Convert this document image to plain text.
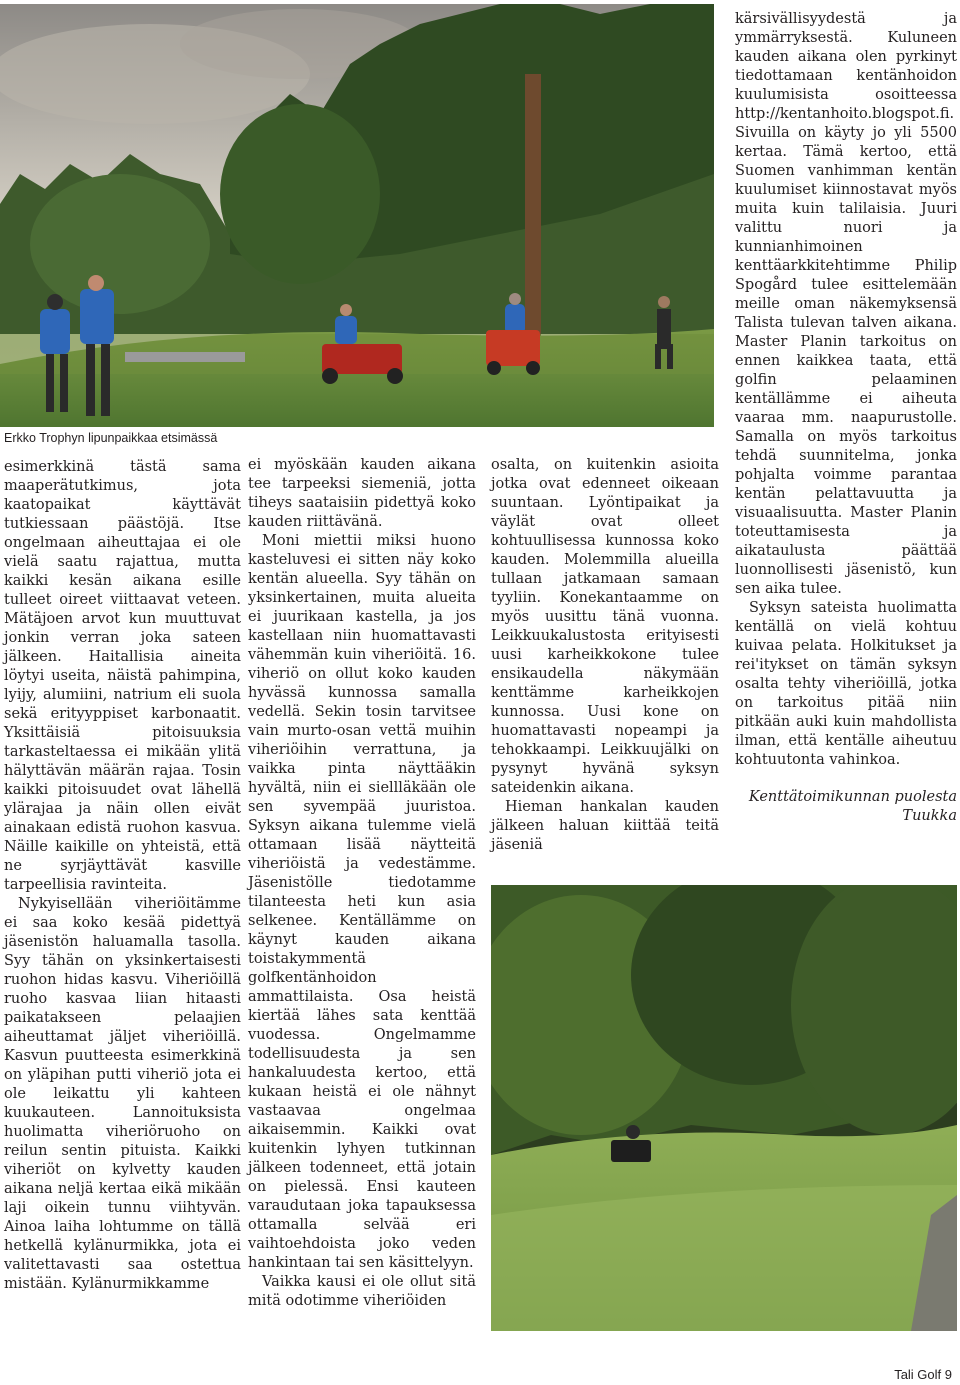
Erkko Trophyn lipunpaikkaa etsimässä

esimerkkinä tästä sama maaperätutkimus, jota kaatopaikat käyttävät tutkiessaan päästöjä. Itse ongelmaan aiheuttajaa ei ole vielä saatu rajattua, mutta kaikki kesän aikana esille tulleet oireet viittaavat veteen. Mätäjoen arvot kun muuttuvat jonkin verran joka sateen jälkeen. Haitallisia aineita löytyi useita, näistä pahimpina, lyijy, alumiini, natrium eli suola sekä erityyppiset karbonaatit. Yksittäisiä pitoisuuksia tarkasteltaessa ei mikään ylitä hälyttävän määrän rajaa. Tosin kaikki pitoisuudet ovat lähellä ylärajaa ja näin ollen eivät ainakaan edistä ruohon kasvua. Näille kaikille on yhteistä, että ne syrjäyttävät kasville tarpeellisia ravinteita.

Nykyisellään viheriöitämme ei saa koko kesää pidettyä jäsenistön haluamalla tasolla. Syy tähän on yksinkertaisesti ruohon hidas kasvu. Viheriöillä ruoho kasvaa liian hitaasti paikatakseen pelaajien aiheuttamat jäljet viheriöillä. Kasvun puutteesta esimerkkinä on yläpihan putti viheriö jota ei ole leikattu yli kahteen kuukauteen. Lannoituksista huolimatta viheriöruoho on reilun sentin pituista. Kaikki viheriöt on kylvetty kauden aikana neljä kertaa eikä mikään laji oikein tunnu viihtyvän. Ainoa laiha lohtumme on tällä hetkellä kylänurmikka, jota ei valitettavasti saa ostettua mistään. Kylänurmikkamme

ei myöskään kauden aikana tee tarpeeksi siemeniä, jotta tiheys saataisiin pidettyä koko kauden riittävänä.

Moni miettii miksi huono kasteluvesi ei sitten näy koko kentän alueella. Syy tähän on yksinkertainen, muita alueita ei juurikaan kastella, ja jos kastellaan niin huomattavasti vähemmän kuin viheriöitä. 16. viheriö on ollut koko kauden hyvässä kunnossa samalla vedellä. Sekin tosin tarvitsee vain murto-osan vettä muihin viheriöihin verrattuna, ja vaikka pinta näyttääkin hyvältä, niin ei siellläkään ole sen syvempää juuristoa. Syksyn aikana tulemme vielä ottamaan lisää näytteitä viheriöistä ja vedestämme. Jäsenistölle tiedotamme tilanteesta heti kun asia selkenee. Kentällämme on käynyt kauden aikana toistakymmentä golfkentänhoidon ammattilaista. Osa heistä kiertää lähes sata kenttää vuodessa. Ongelmamme todellisuudesta ja sen hankaluudesta kertoo, että kukaan heistä ei ole nähnyt vastaavaa ongelmaa aikaisemmin. Kaikki ovat kuitenkin lyhyen tutkinnan jälkeen todenneet, että jotain on pielessä. Ensi kauteen varaudutaan joka tapauksessa ottamalla selvää eri vaihtoehdoista joko veden hankintaan tai sen käsittelyyn.

Vaikka kausi ei ole ollut sitä mitä odotimme viheriöiden

osalta, on kuitenkin asioita jotka ovat edenneet oikeaan suuntaan. Lyöntipaikat ja väylät ovat olleet kohtuullisessa kunnossa koko kauden. Molemmilla alueilla tullaan jatkamaan samaan tyyliin. Konekantaamme on myös uusittu tänä vuonna. Leikkuukalustosta erityisesti uusi karheikkokone tulee ensikaudella näkymään kenttämme karheikkojen kunnossa. Uusi kone on huomattavasti nopeampi ja tehokkaampi. Leikkuujälki on pysynyt hyvänä syksyn sateidenkin aikana.

Hieman hankalan kauden jälkeen haluan kiittää teitä jäseniä

kärsivällisyydestä ja ymmärryksestä. Kuluneen kauden aikana olen pyrkinyt tiedottamaan kentänhoidon kuulumisista osoitteessa http://kentanhoito.blogspot.fi. Sivuilla on käyty jo yli 5500 kertaa. Tämä kertoo, että Suomen vanhimman kentän kuulumiset kiinnostavat myös muita kuin talilaisia. Juuri valittu nuori ja kunnianhimoinen kenttäarkkitehtimme Philip Spogård tulee esittelemään meille oman näkemyksensä Talista tulevan talven aikana. Master Planin tarkoitus on ennen kaikkea taata, että golfin pelaaminen kentällämme ei aiheuta vaaraa mm. naapurustolle. Samalla on myös tarkoitus tehdä suunnitelma, jonka pohjalta voimme parantaa kentän pelattavuutta ja visuaalisuutta. Master Planin toteuttamisesta ja aikataulusta päättää luonnollisesti jäsenistö, kun sen aika tulee.

Syksyn sateista huolimatta kentällä on vielä kohtuu kuivaa pelata. Holkitukset ja rei'itykset on tämän syksyn osalta tehty viheriöillä, jotka on tarkoitus pitää niin pitkään auki kuin mahdollista ilman, että kentälle aiheutuu kohtuutonta vahinkoa.

Kenttätoimikunnan puolesta

Tuukka

Tali Golf 9
